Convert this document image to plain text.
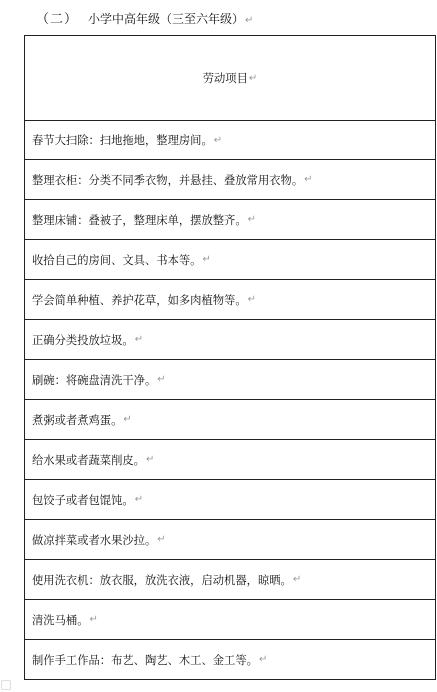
（二） 小学中高年级（三至六年级）↵
劳动项目 ↵
春节大扫除：扫地拖地，整理房间。 ↵
整理衣柜：分类不同季衣物，并悬挂、叠放常用衣物。 ↵
整理床铺：叠被子，整理床单，摆放整齐。 ↵
收拾自己的房间、文具、书本等。 ↵
学会简单种植、养护花草，如多肉植物等。 ↵
正确分类投放垃圾。 ↵
刷碗：将碗盘清洗干净。 ↵
煮粥或者煮鸡蛋。 ↵
给水果或者蔬菜削皮。 ↵
包饺子或者包馄饨。 ↵
做凉拌菜或者水果沙拉。 ↵
使用洗衣机：放衣服，放洗衣液，启动机器，晾晒。 ↵
清洗马桶。 ↵
制作手工作品：布艺、陶艺、木工、金工等。 ↵
